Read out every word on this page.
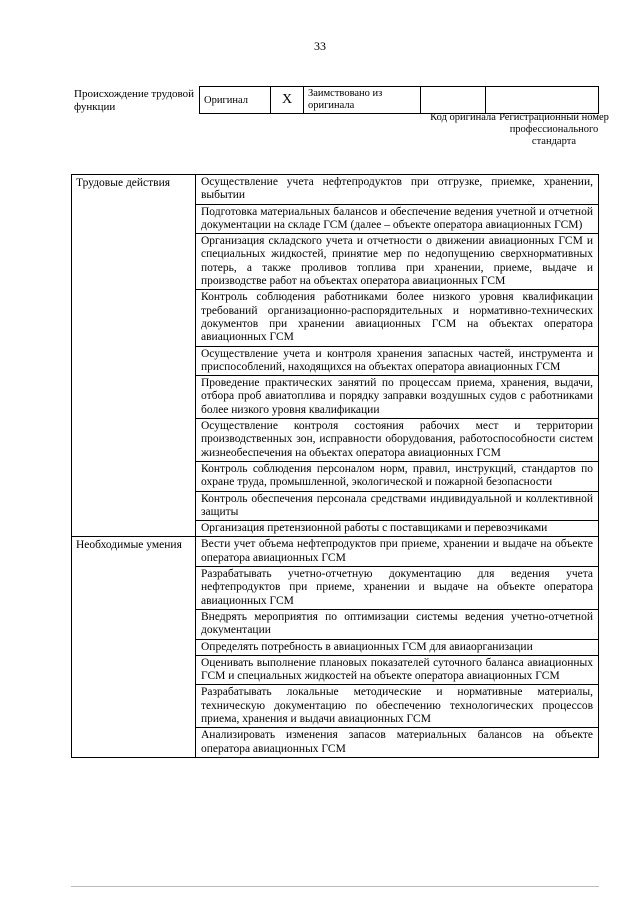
33
Происхождение трудовой функции
Оригинал	X	Заимствовано из оригинала		
Код оригинала Регистрационный номер профессионального стандарта
Трудовые действия	Осуществление учета нефтепродуктов при отгрузке, приемке, хранении, выбытии
	Подготовка материальных балансов и обеспечение ведения учетной и отчетной документации на складе ГСМ (далее – объекте оператора авиационных ГСМ)
	Организация складского учета и отчетности о движении авиационных ГСМ и специальных жидкостей, принятие мер по недопущению сверхнормативных потерь, а также проливов топлива при хранении, приеме, выдаче и производстве работ на объектах оператора авиационных ГСМ
	Контроль соблюдения работниками более низкого уровня квалификации требований организационно-распорядительных и нормативно-технических документов при хранении авиационных ГСМ на объектах оператора авиационных ГСМ
	Осуществление учета и контроля хранения запасных частей, инструмента и приспособлений, находящихся на объектах оператора авиационных ГСМ
	Проведение практических занятий по процессам приема, хранения, выдачи, отбора проб авиатоплива и порядку заправки воздушных судов с работниками более низкого уровня квалификации
	Осуществление контроля состояния рабочих мест и территории производственных зон, исправности оборудования, работоспособности систем жизнеобеспечения на объектах оператора авиационных ГСМ
	Контроль соблюдения персоналом норм, правил, инструкций, стандартов по охране труда, промышленной, экологической и пожарной безопасности
	Контроль обеспечения персонала средствами индивидуальной и коллективной защиты
	Организация претензионной работы с поставщиками и перевозчиками
Необходимые умения	Вести учет объема нефтепродуктов при приеме, хранении и выдаче на объекте оператора авиационных ГСМ
	Разрабатывать учетно-отчетную документацию для ведения учета нефтепродуктов при приеме, хранении и выдаче на объекте оператора авиационных ГСМ
	Внедрять мероприятия по оптимизации системы ведения учетно-отчетной документации
	Определять потребность в авиационных ГСМ для авиаорганизации
	Оценивать выполнение плановых показателей суточного баланса авиационных ГСМ и специальных жидкостей на объекте оператора авиационных ГСМ
	Разрабатывать локальные методические и нормативные материалы, техническую документацию по обеспечению технологических процессов приема, хранения и выдачи авиационных ГСМ
	Анализировать изменения запасов материальных балансов на объекте оператора авиационных ГСМ
